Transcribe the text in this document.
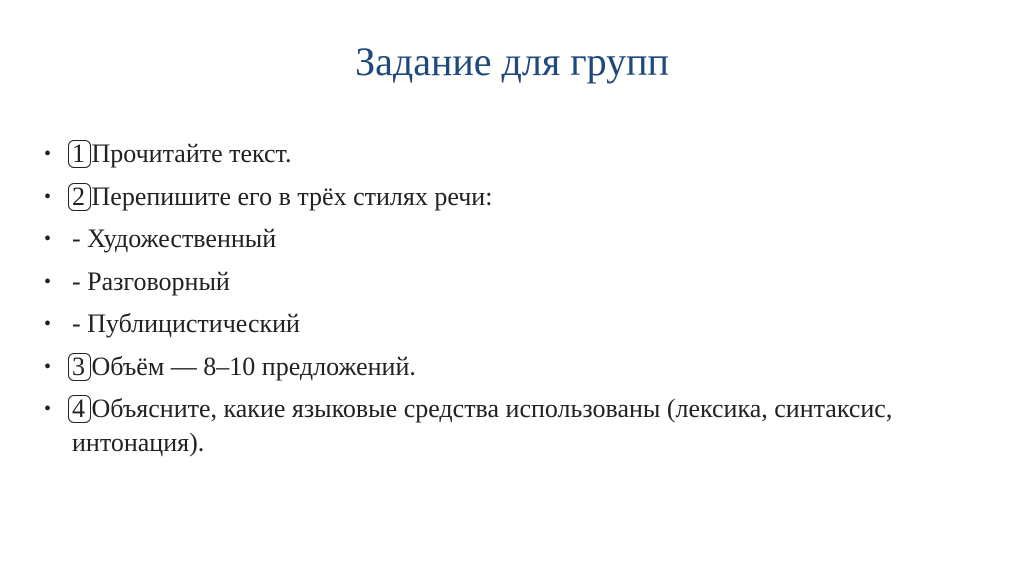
Задание для групп
• 1 Прочитайте текст.
• 2 Перепишите его в трёх стилях речи:
• - Художественный
• - Разговорный
• - Публицистический
• 3 Объём — 8–10 предложений.
• 4 Объясните, какие языковые средства использованы (лексика, синтаксис, интонация).
